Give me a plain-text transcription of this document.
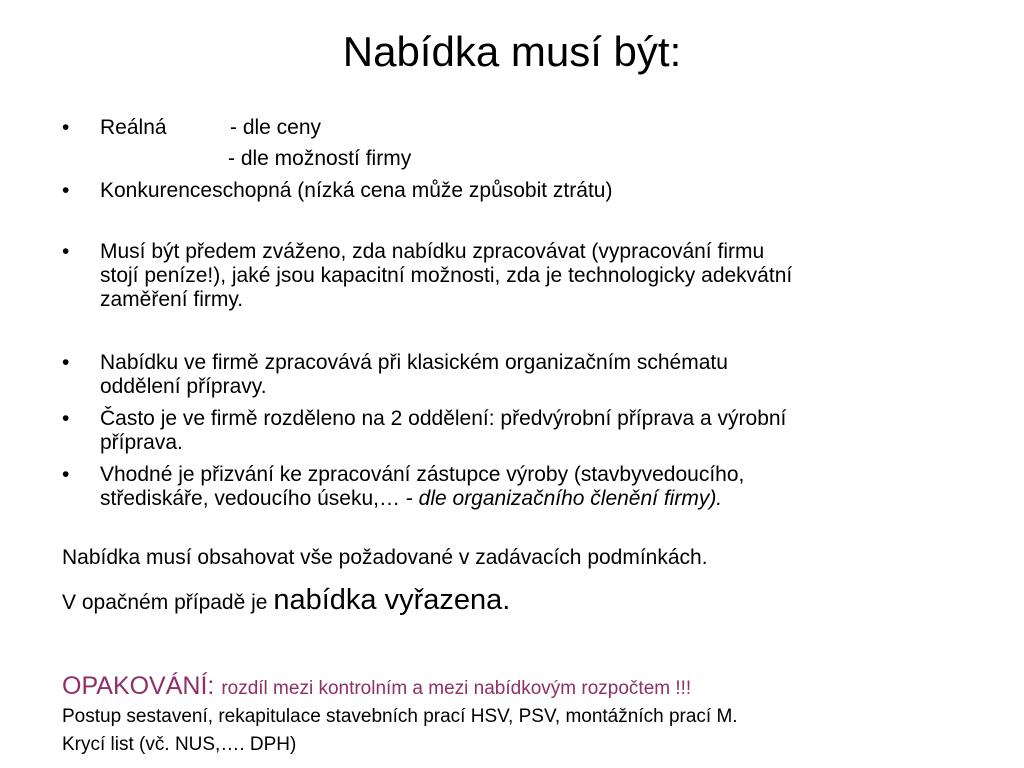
Nabídka musí být:
• Reálná	- dle ceny
- dle možností firmy
• Konkurenceschopná (nízká cena může způsobit ztrátu)
• Musí být předem zváženo, zda nabídku zpracovávat (vypracování firmu
stojí peníze!), jaké jsou kapacitní možnosti, zda je technologicky adekvátní
zaměření firmy.
• Nabídku ve firmě zpracovává při klasickém organizačním schématu
oddělení přípravy.
• Často je ve firmě rozděleno na 2 oddělení: předvýrobní příprava a výrobní
příprava.
• Vhodné je přizvání ke zpracování zástupce výroby (stavbyvedoucího,
střediskáře, vedoucího úseku,… - dle organizačního členění firmy).
Nabídka musí obsahovat vše požadované v zadávacích podmínkách.
V opačném případě je nabídka vyřazena.
OPAKOVÁNÍ: rozdíl mezi kontrolním a mezi nabídkovým rozpočtem !!!
Postup sestavení, rekapitulace stavebních prací HSV, PSV, montážních prací M.
Krycí list (vč. NUS,…. DPH)
